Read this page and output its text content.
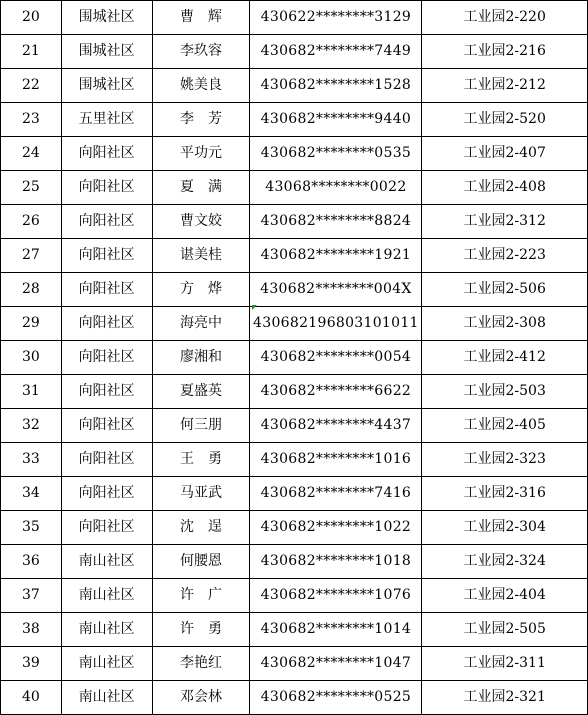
20	围城社区	曹辉	430622********3129	工业园2-220
21	围城社区	李玖容	430682********7449	工业园2-216
22	围城社区	姚美良	430682********1528	工业园2-212
23	五里社区	李芳	430682********9440	工业园2-520
24	向阳社区	平功元	430682********0535	工业园2-407
25	向阳社区	夏满	43068********0022	工业园2-408
26	向阳社区	曹文姣	430682********8824	工业园2-312
27	向阳社区	谌美桂	430682********1921	工业园2-223
28	向阳社区	方烨	430682********004X	工业园2-506
29	向阳社区	海亮中	430682196803101011	工业园2-308
30	向阳社区	廖湘和	430682********0054	工业园2-412
31	向阳社区	夏盛英	430682********6622	工业园2-503
32	向阳社区	何三朋	430682********4437	工业园2-405
33	向阳社区	王勇	430682********1016	工业园2-323
34	向阳社区	马亚武	430682********7416	工业园2-316
35	向阳社区	沈逞	430682********1022	工业园2-304
36	南山社区	何腰恩	430682********1018	工业园2-324
37	南山社区	许广	430682********1076	工业园2-404
38	南山社区	许勇	430682********1014	工业园2-505
39	南山社区	李艳红	430682********1047	工业园2-311
40	南山社区	邓会林	430682********0525	工业园2-321
